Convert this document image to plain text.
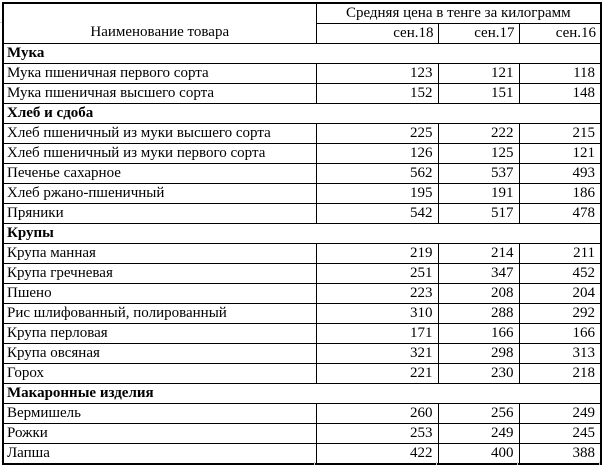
Наименование товара	Средняя цена в тенге за килограмм		
	сен.18	сен.17	сен.16
Мука			
Мука пшеничная первого сорта	123	121	118
Мука пшеничная высшего сорта	152	151	148
Хлеб и сдоба			
Хлеб пшеничный из муки высшего сорта	225	222	215
Хлеб пшеничный из муки первого сорта	126	125	121
Печенье сахарное	562	537	493
Хлеб ржано-пшеничный	195	191	186
Пряники	542	517	478
Крупы			
Крупа манная	219	214	211
Крупа гречневая	251	347	452
Пшено	223	208	204
Рис шлифованный, полированный	310	288	292
Крупа перловая	171	166	166
Крупа овсяная	321	298	313
Горох	221	230	218
Макаронные изделия			
Вермишель	260	256	249
Рожки	253	249	245
Лапша	422	400	388
